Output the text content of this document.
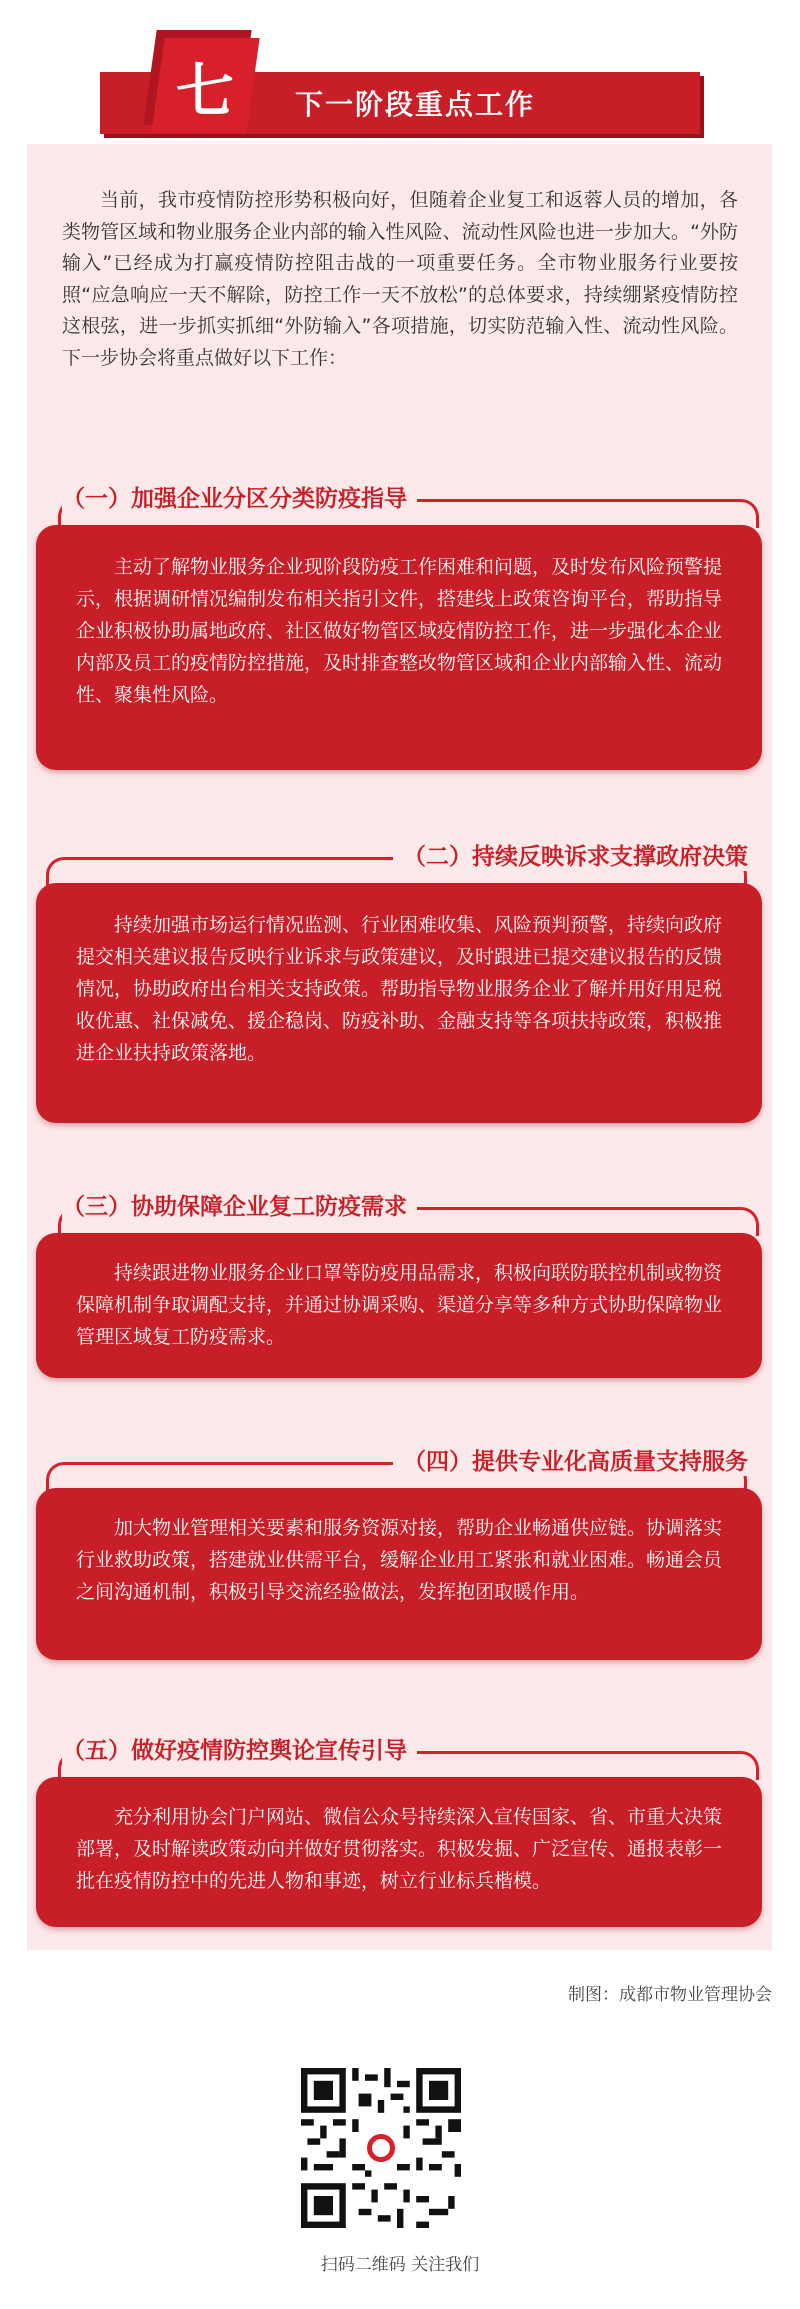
下一阶段重点工作
七

当前，我市疫情防控形势积极向好，但随着企业复工和返蓉人员的增加，各类物管区域和物业服务企业内部的输入性风险、流动性风险也进一步加大。“外防输入”已经成为打赢疫情防控阻击战的一项重要任务。全市物业服务行业要按照“应急响应一天不解除，防控工作一天不放松”的总体要求，持续绷紧疫情防控这根弦，进一步抓实抓细“外防输入”各项措施，切实防范输入性、流动性风险。下一步协会将重点做好以下工作：

（一）加强企业分区分类防疫指导

主动了解物业服务企业现阶段防疫工作困难和问题，及时发布风险预警提示，根据调研情况编制发布相关指引文件，搭建线上政策咨询平台，帮助指导企业积极协助属地政府、社区做好物管区域疫情防控工作，进一步强化本企业内部及员工的疫情防控措施，及时排查整改物管区域和企业内部输入性、流动性、聚集性风险。

（二）持续反映诉求支撑政府决策

持续加强市场运行情况监测、行业困难收集、风险预判预警，持续向政府提交相关建议报告反映行业诉求与政策建议，及时跟进已提交建议报告的反馈情况，协助政府出台相关支持政策。帮助指导物业服务企业了解并用好用足税收优惠、社保减免、援企稳岗、防疫补助、金融支持等各项扶持政策，积极推进企业扶持政策落地。

（三）协助保障企业复工防疫需求

持续跟进物业服务企业口罩等防疫用品需求，积极向联防联控机制或物资保障机制争取调配支持，并通过协调采购、渠道分享等多种方式协助保障物业管理区域复工防疫需求。

（四）提供专业化高质量支持服务

加大物业管理相关要素和服务资源对接，帮助企业畅通供应链。协调落实行业救助政策，搭建就业供需平台，缓解企业用工紧张和就业困难。畅通会员之间沟通机制，积极引导交流经验做法，发挥抱团取暖作用。

（五）做好疫情防控舆论宣传引导

充分利用协会门户网站、微信公众号持续深入宣传国家、省、市重大决策部署，及时解读政策动向并做好贯彻落实。积极发掘、广泛宣传、通报表彰一批在疫情防控中的先进人物和事迹，树立行业标兵楷模。

制图：成都市物业管理协会
扫码二维码 关注我们
